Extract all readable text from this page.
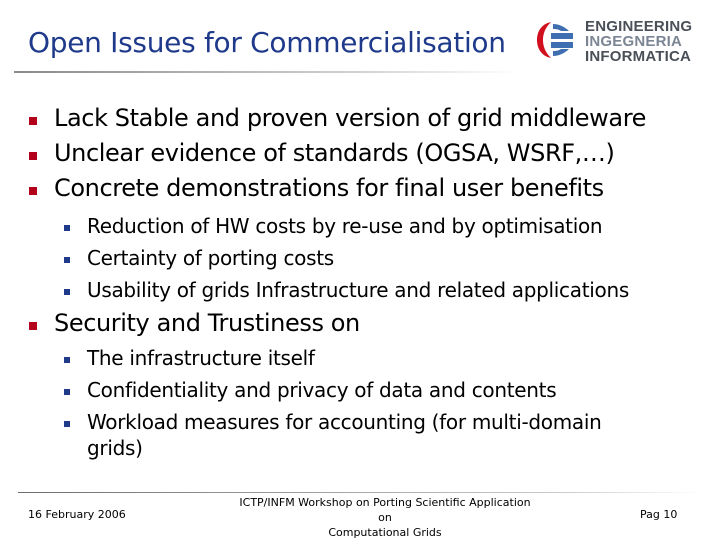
Open Issues for Commercialisation	ENGINEERING
INGEGNERIA
INFORMATICA
Lack Stable and proven version of grid middleware
Unclear evidence of standards (OGSA, WSRF,…)
Concrete demonstrations for final user benefits
Reduction of HW costs by re-use and by optimisation
Certainty of porting costs
Usability of grids Infrastructure and related applications
Security and Trustiness on
The infrastructure itself
Confidentiality and privacy of data and contents
Workload measures for accounting (for multi-domain
grids)
16 February 2006
ICTP/INFM Workshop on Porting Scientific Application on
Computational Grids
Pag 10
